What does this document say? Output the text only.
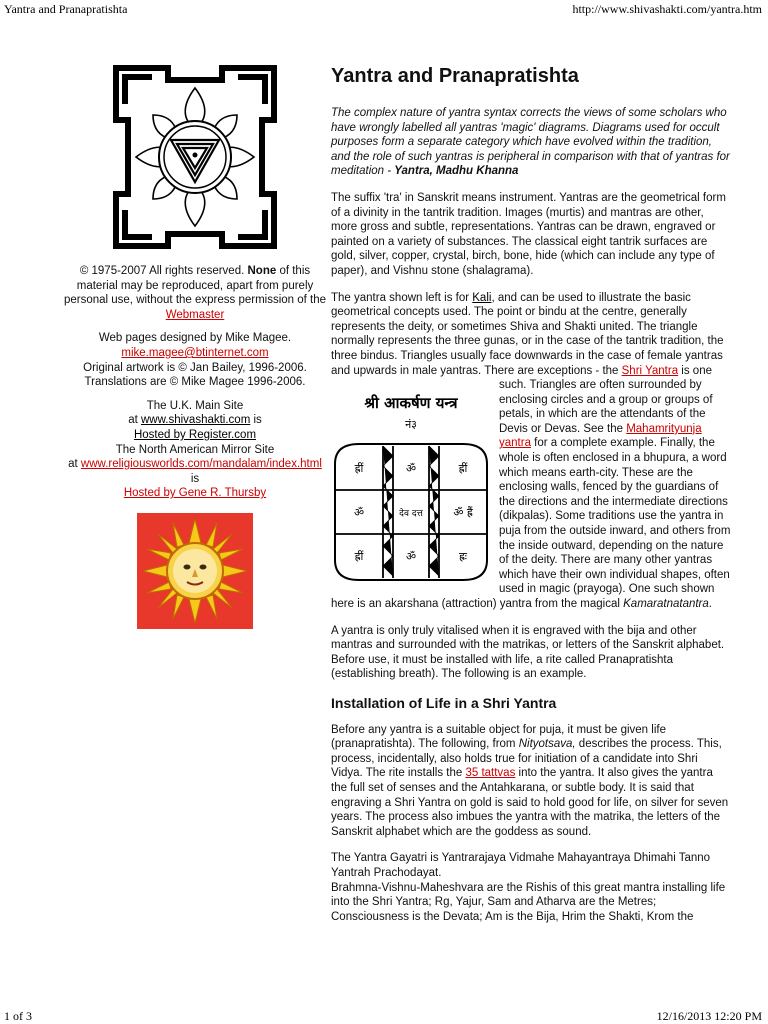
Yantra and Pranapratishta	http://www.shivashakti.com/yantra.htm

© 1975-2007 All rights reserved. None of this material may be reproduced, apart from purely personal use, without the express permission of the Webmaster

Web pages designed by Mike Magee.
mike.magee@btinternet.com
Original artwork is © Jan Bailey, 1996-2006.
Translations are © Mike Magee 1996-2006.

The U.K. Main Site
at www.shivashakti.com is
Hosted by Register.com
The North American Mirror Site
at www.religiousworlds.com/mandalam/index.html
is
Hosted by Gene R. Thursby

Yantra and Pranapratishta

The complex nature of yantra syntax corrects the views of some scholars who have wrongly labelled all yantras 'magic' diagrams. Diagrams used for occult purposes form a separate category which have evolved within the tradition, and the role of such yantras is peripheral in comparison with that of yantras for meditation - Yantra, Madhu Khanna

The suffix 'tra' in Sanskrit means instrument. Yantras are the geometrical form of a divinity in the tantrik tradition. Images (murtis) and mantras are other, more gross and subtle, representations. Yantras can be drawn, engraved or painted on a variety of substances. The classical eight tantrik surfaces are gold, silver, copper, crystal, birch, bone, hide (which can include any type of paper), and Vishnu stone (shalagrama).

The yantra shown left is for Kali, and can be used to illustrate the basic geometrical concepts used. The point or bindu at the centre, generally represents the deity, or sometimes Shiva and Shakti united. The triangle normally represents the three gunas, or in the case of the tantrik tradition, the three bindus. Triangles usually face downwards in the case of female yantras and upwards in male yantras. There are exceptions - the
श्री आकर्षण यन्त्र
नं३
ह्रीं	ॐ	ह्रीं
ॐ	देव दत्त	ॐ ह्रैं
ह्रीं	ॐ	ह्रः
Shri Yantra is one such. Triangles are often surrounded by enclosing circles and a group or groups of petals, in which are the attendants of the Devis or Devas. See the Mahamrityunja yantra for a complete example. Finally, the whole is often enclosed in a bhupura, a word which means earth-city. These are the enclosing walls, fenced by the guardians of the directions and the intermediate directions (dikpalas). Some traditions use the yantra in puja from the outside inward, and others from the inside outward, depending on the nature of the deity. There are many other yantras which have their own individual shapes, often used in magic (prayoga). One such shown here is an akarshana (attraction) yantra from the magical Kamaratnatantra.

A yantra is only truly vitalised when it is engraved with the bija and other mantras and surrounded with the matrikas, or letters of the Sanskrit alphabet. Before use, it must be installed with life, a rite called Pranapratishta (establishing breath). The following is an example.

Installation of Life in a Shri Yantra

Before any yantra is a suitable object for puja, it must be given life (pranapratishta). The following, from Nityotsava, describes the process. This, process, incidentally, also holds true for initiation of a candidate into Shri Vidya. The rite installs the 35 tattvas into the yantra. It also gives the yantra the full set of senses and the Antahkarana, or subtle body. It is said that engraving a Shri Yantra on gold is said to hold good for life, on silver for seven years. The process also imbues the yantra with the matrika, the letters of the Sanskrit alphabet which are the goddess as sound.

The Yantra Gayatri is Yantrarajaya Vidmahe Mahayantraya Dhimahi Tanno Yantrah Prachodayat.
Brahmna-Vishnu-Maheshvara are the Rishis of this great mantra installing life into the Shri Yantra; Rg, Yajur, Sam and Atharva are the Metres; Consciousness is the Devata; Am is the Bija, Hrim the Shakti, Krom the

1 of 3	12/16/2013 12:20 PM
